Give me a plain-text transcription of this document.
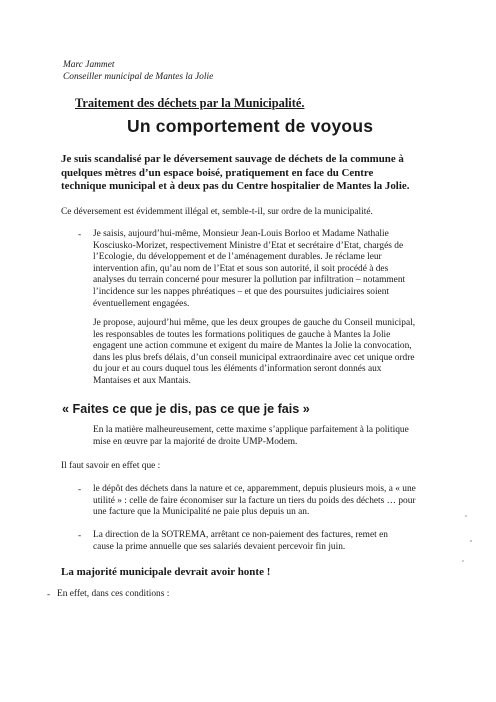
Marc Jammet
Conseiller municipal de Mantes la Jolie
Traitement des déchets par la Municipalité.
Un comportement de voyous
Je suis scandalisé par le déversement sauvage de déchets de la commune à
quelques mètres d’un espace boisé, pratiquement en face du Centre
technique municipal et à deux pas du Centre hospitalier de Mantes la Jolie.
Ce déversement est évidemment illégal et, semble-t-il, sur ordre de la municipalité.
- Je saisis, aujourd’hui-même, Monsieur Jean-Louis Borloo et Madame Nathalie
Kosciusko-Morizet, respectivement Ministre d’Etat et secrétaire d’Etat, chargés de
l’Ecologie, du développement et de l’aménagement durables. Je réclame leur
intervention afin, qu’au nom de l’Etat et sous son autorité, il soit procédé à des
analyses du terrain concerné pour mesurer la pollution par infiltration – notamment
l’incidence sur les nappes phréatiques – et que des poursuites judiciaires soient
éventuellement engagées.
Je propose, aujourd’hui même, que les deux groupes de gauche du Conseil municipal,
les responsables de toutes les formations politiques de gauche à Mantes la Jolie
engagent une action commune et exigent du maire de Mantes la Jolie la convocation,
dans les plus brefs délais, d’un conseil municipal extraordinaire avec cet unique ordre
du jour et au cours duquel tous les éléments d’information seront donnés aux
Mantaises et aux Mantais.
« Faites ce que je dis, pas ce que je fais »
En la matière malheureusement, cette maxime s’applique parfaitement à la politique
mise en œuvre par la majorité de droite UMP-Modem.
Il faut savoir en effet que :
- le dépôt des déchets dans la nature et ce, apparemment, depuis plusieurs mois, a « une
utilité » : celle de faire économiser sur la facture un tiers du poids des déchets … pour
une facture que la Municipalité ne paie plus depuis un an.
- La direction de la SOTREMA, arrêtant ce non-paiement des factures, remet en
cause la prime annuelle que ses salariés devaient percevoir fin juin.
La majorité municipale devrait avoir honte !
- En effet, dans ces conditions :
